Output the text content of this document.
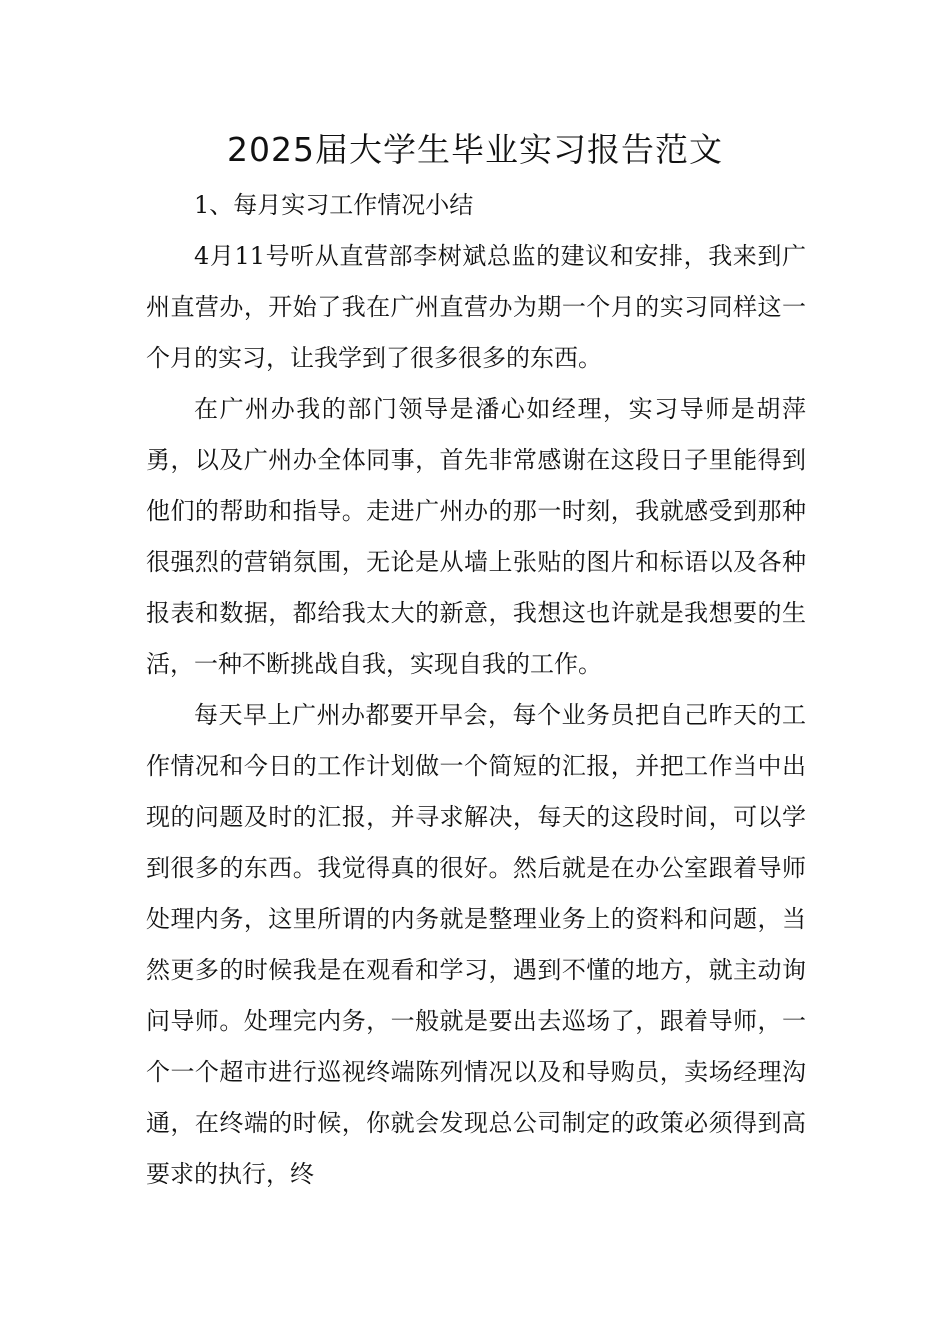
2025届大学生毕业实习报告范文

1、每月实习工作情况小结

4月11号听从直营部李树斌总监的建议和安排，我来到广州直营办，开始了我在广州直营办为期一个月的实习同样这一个月的实习，让我学到了很多很多的东西。

在广州办我的部门领导是潘心如经理，实习导师是胡萍勇，以及广州办全体同事，首先非常感谢在这段日子里能得到他们的帮助和指导。走进广州办的那一时刻，我就感受到那种很强烈的营销氛围，无论是从墙上张贴的图片和标语以及各种报表和数据，都给我太大的新意，我想这也许就是我想要的生活，一种不断挑战自我，实现自我的工作。

每天早上广州办都要开早会，每个业务员把自己昨天的工作情况和今日的工作计划做一个简短的汇报，并把工作当中出现的问题及时的汇报，并寻求解决，每天的这段时间，可以学到很多的东西。我觉得真的很好。然后就是在办公室跟着导师处理内务，这里所谓的内务就是整理业务上的资料和问题，当然更多的时候我是在观看和学习，遇到不懂的地方，就主动询问导师。处理完内务，一般就是要出去巡场了，跟着导师，一个一个超市进行巡视终端陈列情况以及和导购员，卖场经理沟通，在终端的时候，你就会发现总公司制定的政策必须得到高要求的执行，终
